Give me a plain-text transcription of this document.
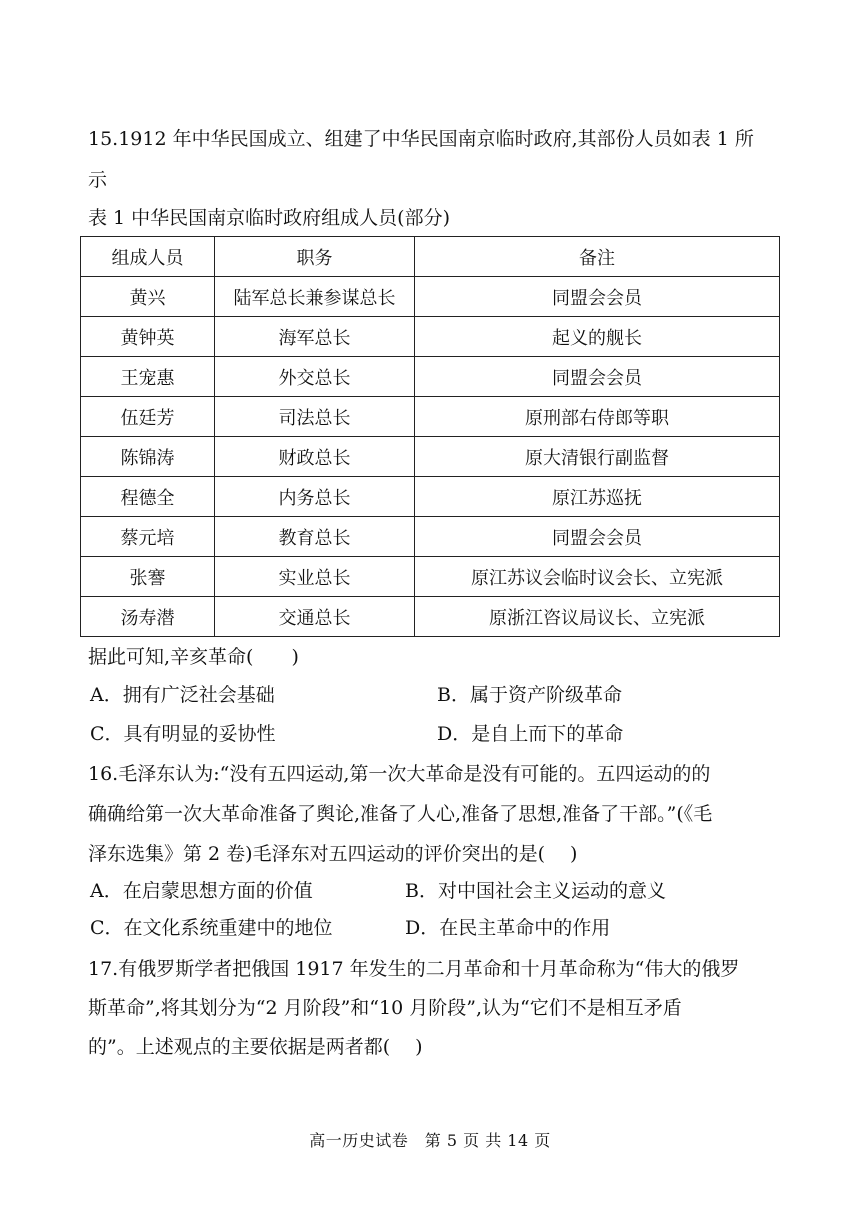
15.1912 年中华民国成立、组建了中华民国南京临时政府,其部份人员如表 1 所
示
表 1 中华民国南京临时政府组成人员(部分)
组成人员	职务	备注
黄兴	陆军总长兼参谋总长	同盟会会员
黄钟英	海军总长	起义的舰长
王宠惠	外交总长	同盟会会员
伍廷芳	司法总长	原刑部右侍郎等职
陈锦涛	财政总长	原大清银行副监督
程德全	内务总长	原江苏巡抚
蔡元培	教育总长	同盟会会员
张謇	实业总长	原江苏议会临时议会长、立宪派
汤寿潜	交通总长	原浙江咨议局议长、立宪派
据此可知,辛亥革命(　　)
A．拥有广泛社会基础	B．属于资产阶级革命
C．具有明显的妥协性	D．是自上而下的革命
16.毛泽东认为:“没有五四运动,第一次大革命是没有可能的。五四运动的的
确确给第一次大革命准备了舆论,准备了人心,准备了思想,准备了干部。”(《毛
泽东选集》第 2 卷)毛泽东对五四运动的评价突出的是(　 )
A．在启蒙思想方面的价值	B．对中国社会主义运动的意义
C．在文化系统重建中的地位	D．在民主革命中的作用
17.有俄罗斯学者把俄国 1917 年发生的二月革命和十月革命称为“伟大的俄罗
斯革命”,将其划分为“2 月阶段”和“10 月阶段”,认为“它们不是相互矛盾
的”。上述观点的主要依据是两者都(　 )
高一历史试卷　第 5 页 共 14 页
